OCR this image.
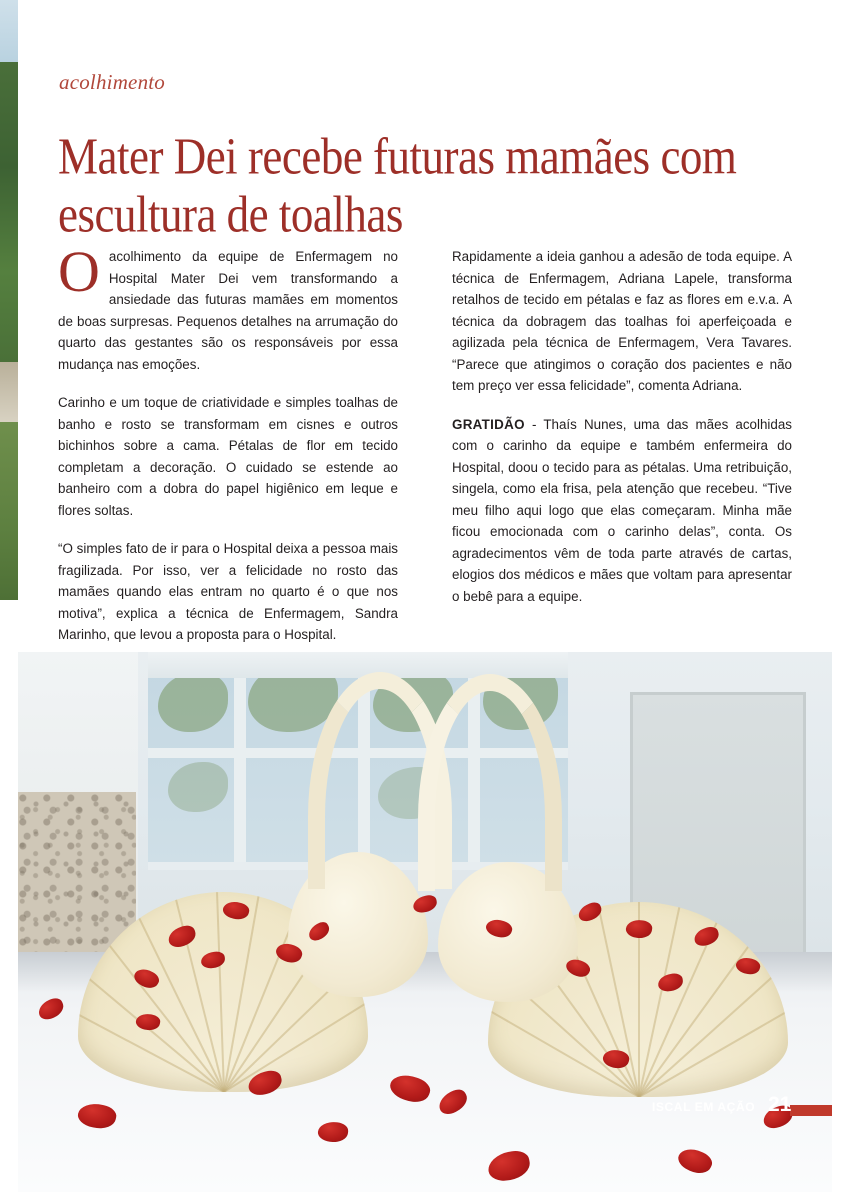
acolhimento
Mater Dei recebe futuras mamães com escultura de toalhas

Oacolhimento da equipe de Enfermagem no Hospital Mater Dei vem transformando a ansiedade das futuras mamães em momentos de boas surpresas. Pequenos detalhes na arrumação do quarto das gestantes são os responsáveis por essa mudança nas emoções.

Carinho e um toque de criatividade e simples toalhas de banho e rosto se transformam em cisnes e outros bichinhos sobre a cama. Pétalas de flor em tecido completam a decoração. O cuidado se estende ao banheiro com a dobra do papel higiênico em leque e flores soltas.

“O simples fato de ir para o Hospital deixa a pessoa mais fragilizada. Por isso, ver a felicidade no rosto das mamães quando elas entram no quarto é o que nos motiva”, explica a técnica de Enfermagem, Sandra Marinho, que levou a proposta para o Hospital.

Rapidamente a ideia ganhou a adesão de toda equipe. A técnica de Enfermagem, Adriana Lapele, transforma retalhos de tecido em pétalas e faz as flores em e.v.a. A técnica da dobragem das toalhas foi aperfeiçoada e agilizada pela técnica de Enfermagem, Vera Tavares. “Parece que atingimos o coração dos pacientes e não tem preço ver essa felicidade”, comenta Adriana.

GRATIDÃO - Thaís Nunes, uma das mães acolhidas com o carinho da equipe e também enfermeira do Hospital, doou o tecido para as pétalas. Uma retribuição, singela, como ela frisa, pela atenção que recebeu. “Tive meu filho aqui logo que elas começaram. Minha mãe ficou emocionada com o carinho delas”, conta. Os agradecimentos vêm de toda parte através de cartas, elogios dos médicos e mães que voltam para apresentar o bebê para a equipe.

ISCAL EM AÇÃO 21
